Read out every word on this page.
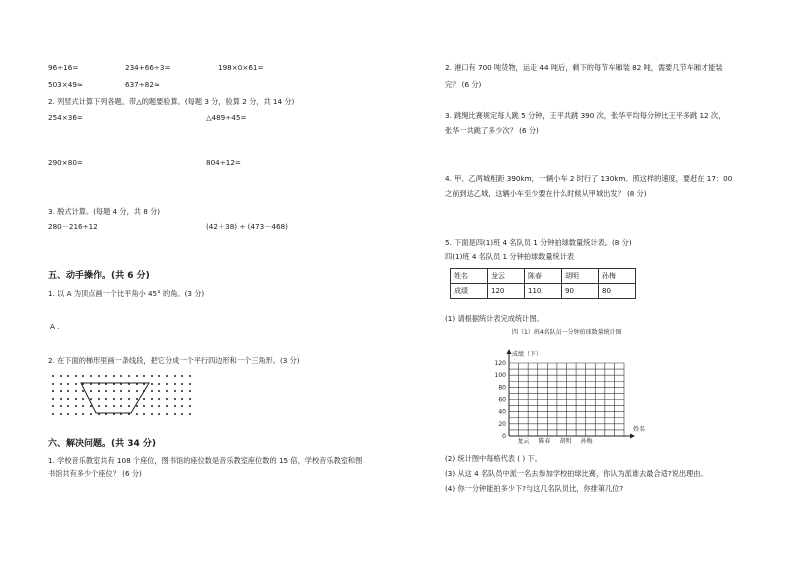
96÷16=	234+66÷3=	198×0×61=
503×49≈	637÷82≈
2. 列竖式计算下列各题，带△的题要验算。(每题 3 分，验算 2 分，共 14 分)
254×36=	△489÷45=
290×80=	804÷12=
3. 脱式计算。(每题 4 分，共 8 分)
280－216÷12	(42＋38) ÷ (473－468)
五、动手操作。(共 6 分)
1. 以 A 为顶点画一个比平角小 45° 的角。(3 分)
A .
2. 在下面的梯形里画一条线段，把它分成一个平行四边形和一个三角形。(3 分)
六、解决问题。(共 34 分)
1. 学校音乐教室共有 108 个座位，图书馆的座位数是音乐教室座位数的 15 倍，学校音乐教室和图
书馆共有多少个座位？ (6 分)
2. 港口有 700 吨货物，运走 44 吨后，剩下的每节车厢装 82 吨，需要几节车厢才能装
完？ (6 分)
3. 跳绳比赛规定每人跳 5 分钟，王平共跳 390 次，张华平均每分钟比王平多跳 12 次，
张华一共跳了多少次？ (6 分)
4. 甲、乙两城相距 390km，一辆小车 2 时行了 130km。照这样的速度，要赶在 17：00
之前到达乙城，这辆小车至少要在什么时候从甲城出发？ (8 分)
5. 下面是四(1)班 4 名队员 1 分钟拍球数量统计表。(8 分)
四(1)班 4 名队员 1 分钟拍球数量统计表
姓名	龙云	陈春	胡明	孙梅
成绩	120	110	90	80
(1) 请根据统计表完成统计图。
四（1）班4名队员一分钟拍球数量统计图
成绩（下）
姓名
0
20
40
60
80
100
120
龙云 陈春 胡明 孙梅
(2) 统计图中每格代表 ( ) 下。
(3) 从这 4 名队员中派一名去参加学校拍球比赛，你认为派谁去最合适?说出理由。
(4) 你一分钟能拍多少下?与这几名队员比，你排第几位?
